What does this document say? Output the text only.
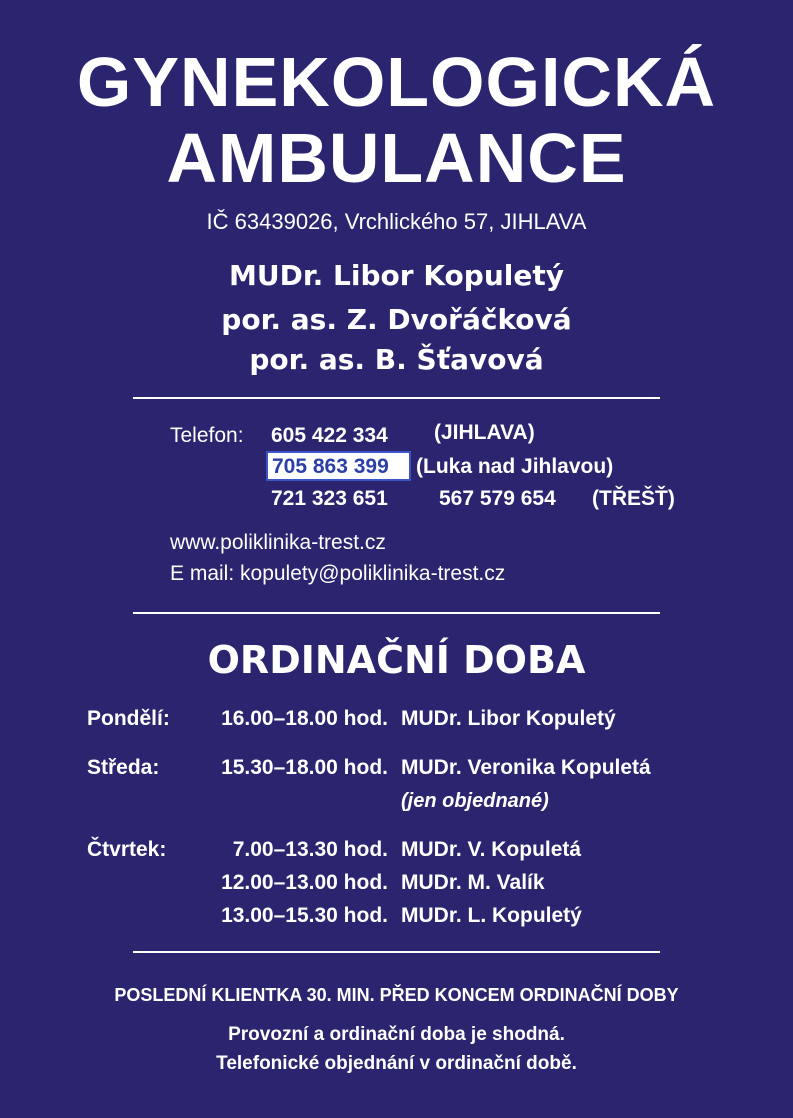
GYNEKOLOGICKÁ
AMBULANCE
IČ 63439026, Vrchlického 57, JIHLAVA
MUDr. Libor Kopuletý
por. as. Z. Dvořáčková
por. as. B. Šťavová
Telefon: 605 422 334 (JIHLAVA)
705 863 399 (Luka nad Jihlavou)
721 323 651 567 579 654 (TŘEŠŤ)
www.poliklinika-trest.cz
E mail: kopulety@poliklinika-trest.cz
ORDINAČNÍ DOBA
Pondělí:	16.00–18.00 hod. MUDr. Libor Kopuletý
Středa:	15.30–18.00 hod. MUDr. Veronika Kopuletá
(jen objednané)
Čtvrtek:	7.00–13.30 hod. MUDr. V. Kopuletá
12.00–13.00 hod. MUDr. M. Valík
13.00–15.30 hod. MUDr. L. Kopuletý
POSLEDNÍ KLIENTKA 30. MIN. PŘED KONCEM ORDINAČNÍ DOBY
Provozní a ordinační doba je shodná.
Telefonické objednání v ordinační době.
